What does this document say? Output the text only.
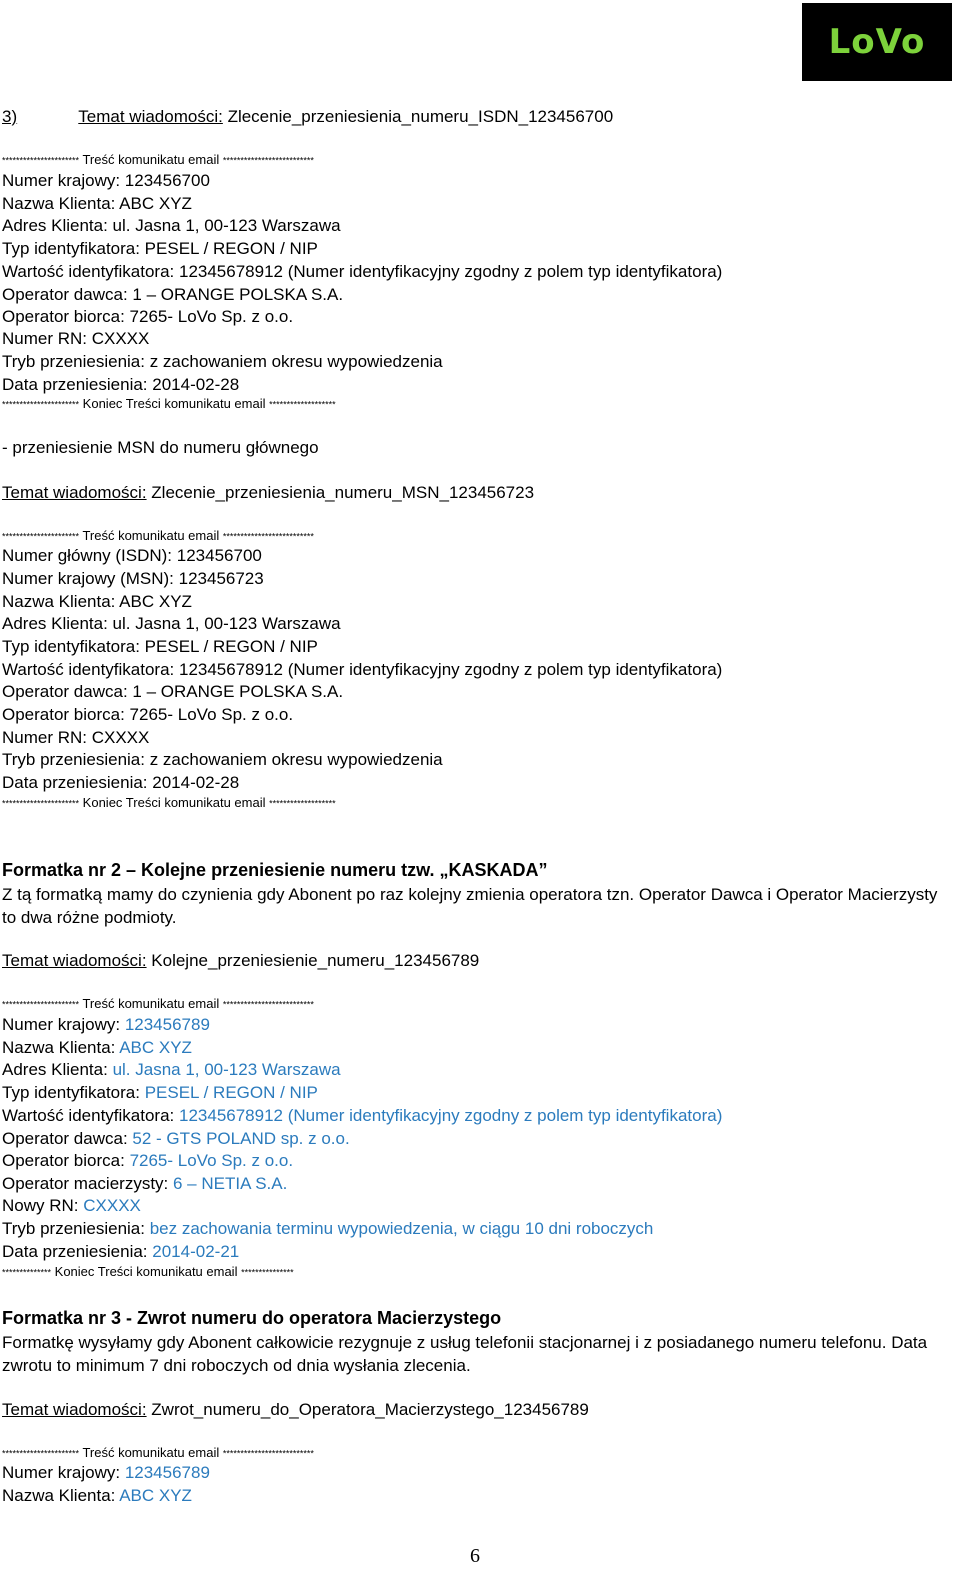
LoVo
3)	Temat wiadomości: Zlecenie_przeniesienia_numeru_ISDN_123456700
********************** Treść komunikatu email **************************
Numer krajowy: 123456700
Nazwa Klienta: ABC XYZ
Adres Klienta: ul. Jasna 1, 00-123 Warszawa
Typ identyfikatora: PESEL / REGON / NIP
Wartość identyfikatora: 12345678912 (Numer identyfikacyjny zgodny z polem typ identyfikatora)
Operator dawca: 1 – ORANGE POLSKA S.A.
Operator biorca: 7265- LoVo Sp. z o.o.
Numer RN: CXXXX
Tryb przeniesienia: z zachowaniem okresu wypowiedzenia
Data przeniesienia: 2014-02-28
********************** Koniec Treści komunikatu email *******************
- przeniesienie MSN do numeru głównego
Temat wiadomości: Zlecenie_przeniesienia_numeru_MSN_123456723
********************** Treść komunikatu email **************************
Numer główny (ISDN): 123456700
Numer krajowy (MSN): 123456723
Nazwa Klienta: ABC XYZ
Adres Klienta: ul. Jasna 1, 00-123 Warszawa
Typ identyfikatora: PESEL / REGON / NIP
Wartość identyfikatora: 12345678912 (Numer identyfikacyjny zgodny z polem typ identyfikatora)
Operator dawca: 1 – ORANGE POLSKA S.A.
Operator biorca: 7265- LoVo Sp. z o.o.
Numer RN: CXXXX
Tryb przeniesienia: z zachowaniem okresu wypowiedzenia
Data przeniesienia: 2014-02-28
********************** Koniec Treści komunikatu email *******************
Formatka nr 2 – Kolejne przeniesienie numeru tzw. „KASKADA”
Z tą formatką mamy do czynienia gdy Abonent po raz kolejny zmienia operatora tzn. Operator Dawca i Operator Macierzysty to dwa różne podmioty.
Temat wiadomości: Kolejne_przeniesienie_numeru_123456789
********************** Treść komunikatu email **************************
Numer krajowy: 123456789
Nazwa Klienta: ABC XYZ
Adres Klienta: ul. Jasna 1, 00-123 Warszawa
Typ identyfikatora: PESEL / REGON / NIP
Wartość identyfikatora: 12345678912 (Numer identyfikacyjny zgodny z polem typ identyfikatora)
Operator dawca: 52 - GTS POLAND sp. z o.o.
Operator biorca: 7265- LoVo Sp. z o.o.
Operator macierzysty: 6 – NETIA S.A.
Nowy RN: CXXXX
Tryb przeniesienia: bez zachowania terminu wypowiedzenia, w ciągu 10 dni roboczych
Data przeniesienia: 2014-02-21
************** Koniec Treści komunikatu email ***************
Formatka nr 3 - Zwrot numeru do operatora Macierzystego
Formatkę wysyłamy gdy Abonent całkowicie rezygnuje z usług telefonii stacjonarnej i z posiadanego numeru telefonu. Data zwrotu to minimum 7 dni roboczych od dnia wysłania zlecenia.
Temat wiadomości: Zwrot_numeru_do_Operatora_Macierzystego_123456789
********************** Treść komunikatu email **************************
Numer krajowy: 123456789
Nazwa Klienta: ABC XYZ
6
